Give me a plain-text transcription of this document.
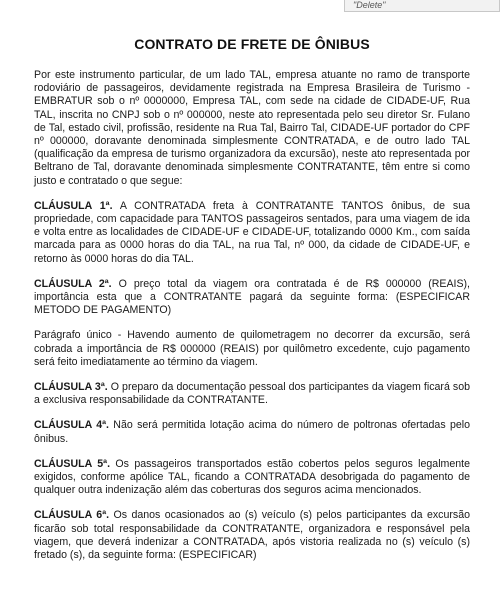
"Delete"
CONTRATO DE FRETE DE ÔNIBUS

Por este instrumento particular, de um lado TAL, empresa atuante no ramo de transporte rodoviário de passageiros, devidamente registrada na Empresa Brasileira de Turismo - EMBRATUR sob o nº 0000000, Empresa TAL, com sede na cidade de CIDADE-UF, Rua TAL, inscrita no CNPJ sob o nº 000000, neste ato representada pelo seu diretor Sr. Fulano de Tal, estado civil, profissão, residente na Rua Tal, Bairro Tal, CIDADE-UF portador do CPF nº 000000, doravante denominada simplesmente CONTRATADA, e de outro lado TAL (qualificação da empresa de turismo organizadora da excursão), neste ato representada por Beltrano de Tal, doravante denominada simplesmente CONTRATANTE, têm entre si como justo e contratado o que segue:

CLÁUSULA 1ª. A CONTRATADA freta à CONTRATANTE TANTOS ônibus, de sua propriedade, com capacidade para TANTOS passageiros sentados, para uma viagem de ida e volta entre as localidades de CIDADE-UF e CIDADE-UF, totalizando 0000 Km., com saída marcada para as 0000 horas do dia TAL, na rua Tal, nº 000, da cidade de CIDADE-UF, e retorno às 0000 horas do dia TAL.

CLÁUSULA 2ª. O preço total da viagem ora contratada é de R$ 000000 (REAIS), importância esta que a CONTRATANTE pagará da seguinte forma: (ESPECIFICAR METODO DE PAGAMENTO)

Parágrafo único - Havendo aumento de quilometragem no decorrer da excursão, será cobrada a importância de R$ 000000 (REAIS) por quilômetro excedente, cujo pagamento será feito imediatamente ao término da viagem.

CLÁUSULA 3ª. O preparo da documentação pessoal dos participantes da viagem ficará sob a exclusiva responsabilidade da CONTRATANTE.

CLÁUSULA 4ª. Não será permitida lotação acima do número de poltronas ofertadas pelo ônibus.

CLÁUSULA 5ª. Os passageiros transportados estão cobertos pelos seguros legalmente exigidos, conforme apólice TAL, ficando a CONTRATADA desobrigada do pagamento de qualquer outra indenização além das coberturas dos seguros acima mencionados.

CLÁUSULA 6ª. Os danos ocasionados ao (s) veículo (s) pelos participantes da excursão ficarão sob total responsabilidade da CONTRATANTE, organizadora e responsável pela viagem, que deverá indenizar a CONTRATADA, após vistoria realizada no (s) veículo (s) fretado (s), da seguinte forma: (ESPECIFICAR)
